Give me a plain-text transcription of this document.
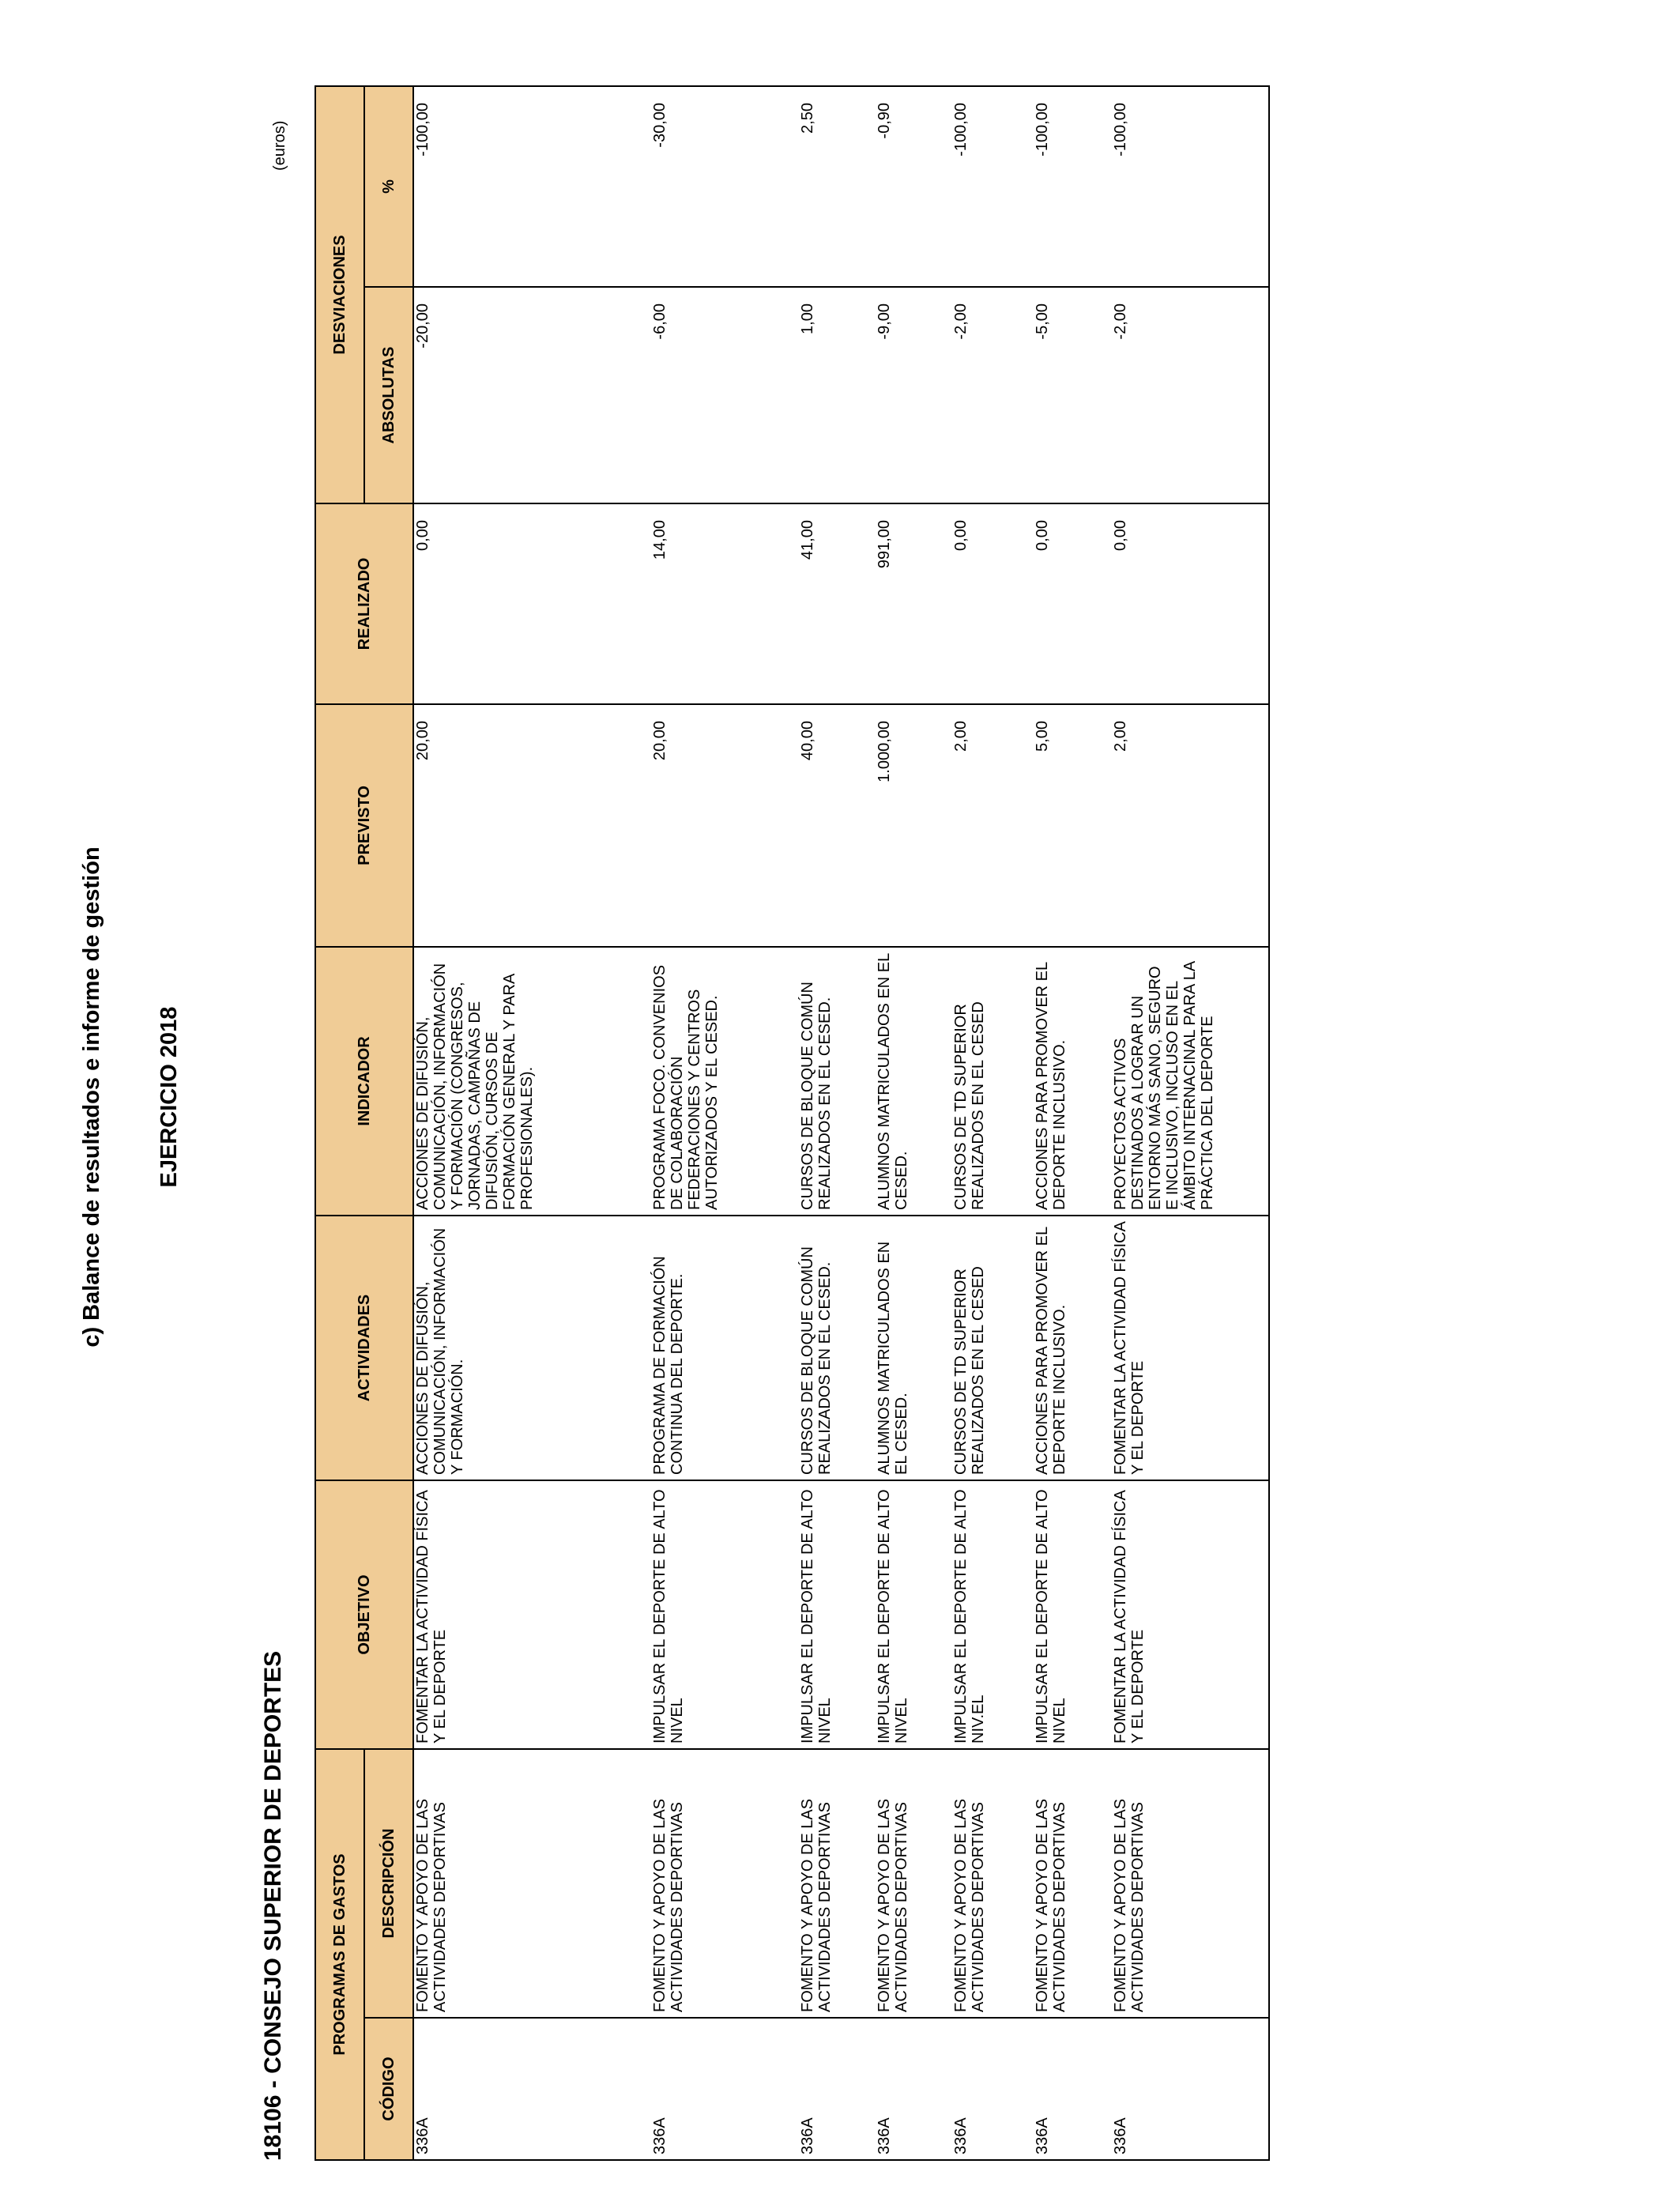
c) Balance de resultados e informe de gestión EJERCICIO 2018
18106 - CONSEJO SUPERIOR DE DEPORTES
(euros)
PROGRAMAS DE GASTOS		OBJETIVO	ACTIVIDADES	INDICADOR	PREVISTO	REALIZADO	DESVIACIONES	
CÓDIGO	DESCRIPCIÓN						ABSOLUTAS	%
336A	FOMENTO Y APOYO DE LAS ACTIVIDADES DEPORTIVAS	FOMENTAR LA ACTIVIDAD FÍSICA Y EL DEPORTE	ACCIONES DE DIFUSIÓN, COMUNICACIÓN, INFORMACIÓN Y FORMACIÓN.	ACCIONES DE DIFUSIÓN, COMUNICACIÓN, INFORMACIÓN Y FORMACIÓN (CONGRESOS, JORNADAS, CAMPAÑAS DE DIFUSIÓN, CURSOS DE FORMACIÓN GENERAL Y PARA PROFESIONALES).	20,00	0,00	-20,00	-100,00
336A	FOMENTO Y APOYO DE LAS ACTIVIDADES DEPORTIVAS	IMPULSAR EL DEPORTE DE ALTO NIVEL	PROGRAMA DE FORMACIÓN CONTINUA DEL DEPORTE.	PROGRAMA FOCO. CONVENIOS DE COLABORACIÓN FEDERACIONES Y CENTROS AUTORIZADOS Y EL CESED.	20,00	14,00	-6,00	-30,00
336A	FOMENTO Y APOYO DE LAS ACTIVIDADES DEPORTIVAS	IMPULSAR EL DEPORTE DE ALTO NIVEL	CURSOS DE BLOQUE COMÚN REALIZADOS EN EL CESED.	CURSOS DE BLOQUE COMÚN REALIZADOS EN EL CESED.	40,00	41,00	1,00	2,50
336A	FOMENTO Y APOYO DE LAS ACTIVIDADES DEPORTIVAS	IMPULSAR EL DEPORTE DE ALTO NIVEL	ALUMNOS MATRICULADOS EN EL CESED.	ALUMNOS MATRICULADOS EN EL CESED.	1.000,00	991,00	-9,00	-0,90
336A	FOMENTO Y APOYO DE LAS ACTIVIDADES DEPORTIVAS	IMPULSAR EL DEPORTE DE ALTO NIV.EL	CURSOS DE TD SUPERIOR REALIZADOS EN EL CESED	CURSOS DE TD SUPERIOR REALIZADOS EN EL CESED	2,00	0,00	-2,00	-100,00
336A	FOMENTO Y APOYO DE LAS ACTIVIDADES DEPORTIVAS	IMPULSAR EL DEPORTE DE ALTO NIVEL	ACCIONES PARA PROMOVER EL DEPORTE INCLUSIVO.	ACCIONES PARA PROMOVER EL DEPORTE INCLUSIVO.	5,00	0,00	-5,00	-100,00
336A	FOMENTO Y APOYO DE LAS ACTIVIDADES DEPORTIVAS	FOMENTAR LA ACTIVIDAD FÍSICA Y EL DEPORTE	FOMENTAR LA ACTIVIDAD FÍSICA Y EL DEPORTE	PROYECTOS ACTIVOS DESTINADOS A LOGRAR UN ENTORNO MÁS SANO, SEGURO E INCLUSIVO, INCLUSO EN EL ÁMBITO INTERNACINAL PARA LA PRÁCTICA DEL DEPORTE	2,00	0,00	-2,00	-100,00
